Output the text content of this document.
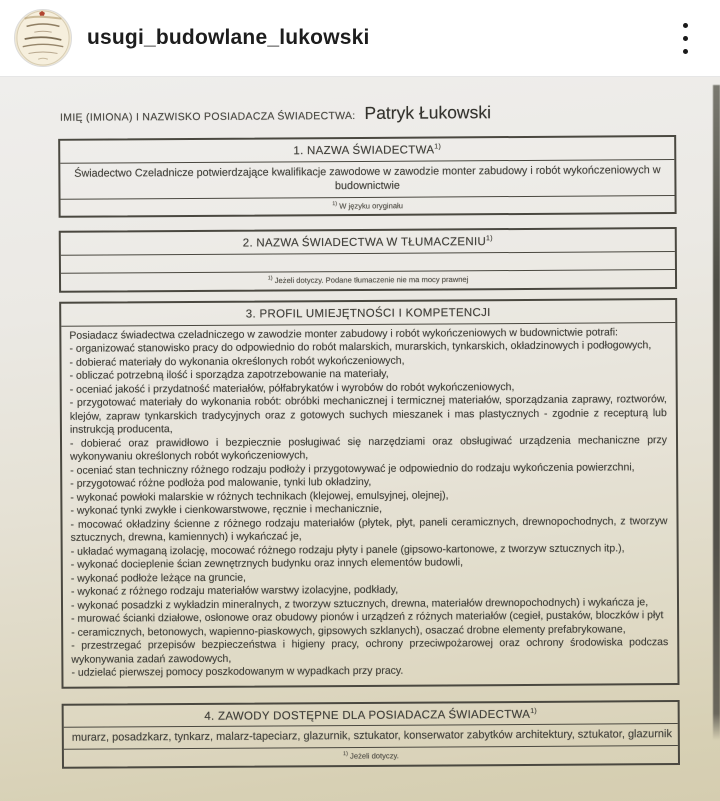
usugi_budowlane_lukowski
IMIĘ (IMIONA) I NAZWISKO POSIADACZA ŚWIADECTWA: Patryk Łukowski
1. NAZWA ŚWIADECTWA$^{1)}$
Świadectwo Czeladnicze potwierdzające kwalifikacje zawodowe w zawodzie monter zabudowy i robót wykończeniowych w budownictwie
$^{1)}$ W języku oryginału
2. NAZWA ŚWIADECTWA W TŁUMACZENIU$^{1)}$
$^{1)}$ Jeżeli dotyczy. Podane tłumaczenie nie ma mocy prawnej
3. PROFIL UMIEJĘTNOŚCI I KOMPETENCJI
Posiadacz świadectwa czeladniczego w zawodzie monter zabudowy i robót wykończeniowych w budownictwie potrafi:
- organizować stanowisko pracy do odpowiednio do robót malarskich, murarskich, tynkarskich, okładzinowych i podłogowych,
- dobierać materiały do wykonania określonych robót wykończeniowych,
- obliczać potrzebną ilość i sporządza zapotrzebowanie na materiały,
- oceniać jakość i przydatność materiałów, półfabrykatów i wyrobów do robót wykończeniowych,
- przygotować materiały do wykonania robót: obróbki mechanicznej i termicznej materiałów, sporządzania zaprawy, roztworów, klejów, zapraw tynkarskich tradycyjnych oraz z gotowych suchych mieszanek i mas plastycznych - zgodnie z recepturą lub instrukcją producenta,
- dobierać oraz prawidłowo i bezpiecznie posługiwać się narzędziami oraz obsługiwać urządzenia mechaniczne przy wykonywaniu określonych robót wykończeniowych,
- oceniać stan techniczny różnego rodzaju podłoży i przygotowywać je odpowiednio do rodzaju wykończenia powierzchni,
- przygotować różne podłoża pod malowanie, tynki lub okładziny,
- wykonać powłoki malarskie w różnych technikach (klejowej, emulsyjnej, olejnej),
- wykonać tynki zwykłe i cienkowarstwowe, ręcznie i mechanicznie,
- mocować okładziny ścienne z różnego rodzaju materiałów (płytek, płyt, paneli ceramicznych, drewnopochodnych, z tworzyw sztucznych, drewna, kamiennych) i wykańczać je,
- układać wymaganą izolację, mocować różnego rodzaju płyty i panele (gipsowo-kartonowe, z tworzyw sztucznych itp.),
- wykonać docieplenie ścian zewnętrznych budynku oraz innych elementów budowli,
- wykonać podłoże leżące na gruncie,
- wykonać z różnego rodzaju materiałów warstwy izolacyjne, podkłady,
- wykonać posadzki z wykładzin mineralnych, z tworzyw sztucznych, drewna, materiałów drewnopochodnych) i wykańcza je,
- murować ścianki działowe, osłonowe oraz obudowy pionów i urządzeń z różnych materiałów (cegieł, pustaków, bloczków i płyt
- ceramicznych, betonowych, wapienno-piaskowych, gipsowych szklanych), osaczać drobne elementy prefabrykowane,
- przestrzegać przepisów bezpieczeństwa i higieny pracy, ochrony przeciwpożarowej oraz ochrony środowiska podczas wykonywania zadań zawodowych,
- udzielać pierwszej pomocy poszkodowanym w wypadkach przy pracy.
4. ZAWODY DOSTĘPNE DLA POSIADACZA ŚWIADECTWA$^{1)}$
murarz, posadzkarz, tynkarz, malarz-tapeciarz, glazurnik, sztukator, konserwator zabytków architektury, sztukator, glazurnik
$^{1)}$ Jeżeli dotyczy.
